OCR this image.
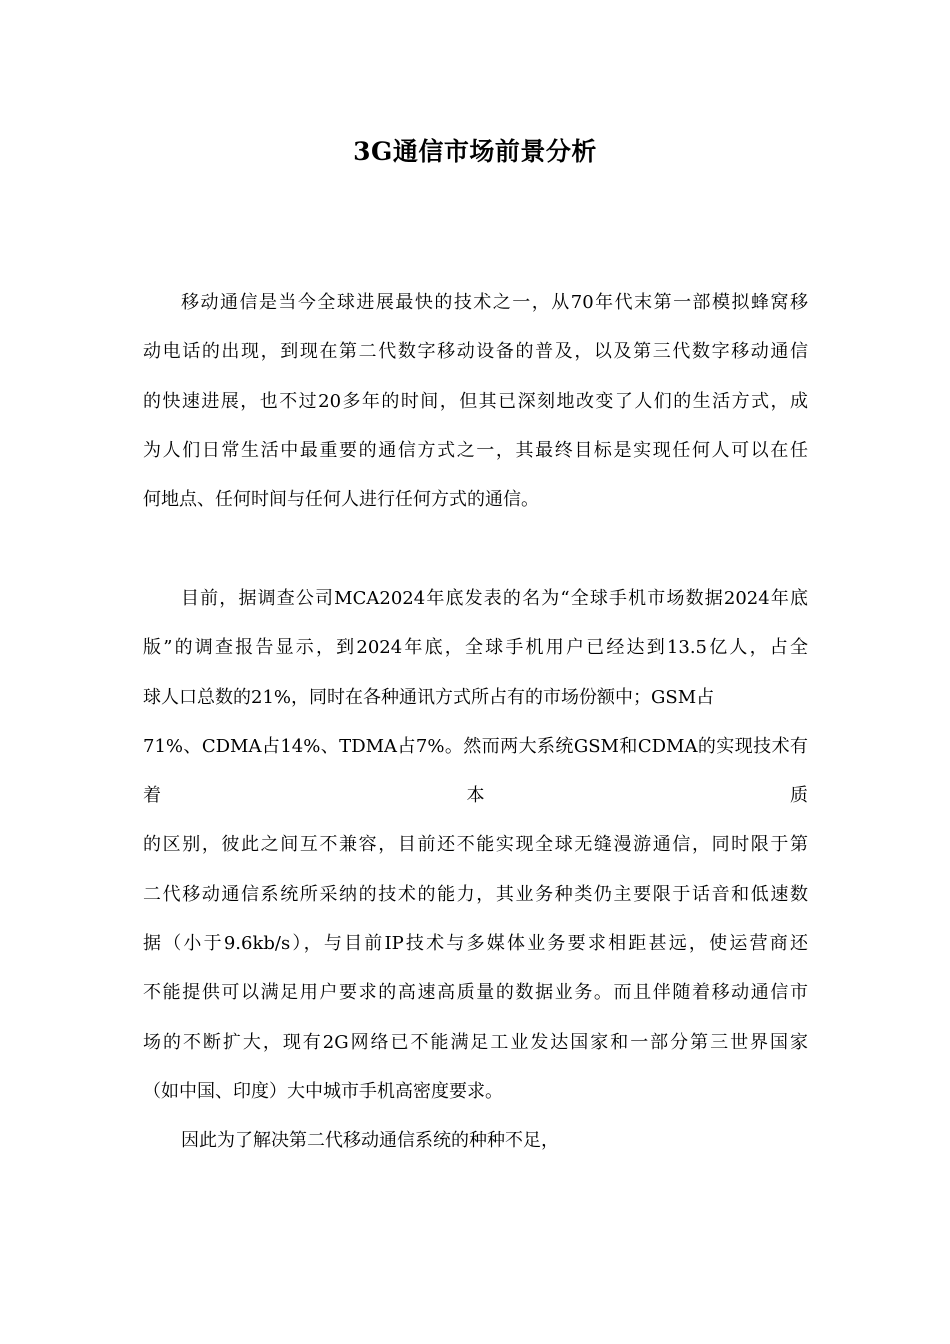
3G通信市场前景分析
移动通信是当今全球进展最快的技术之一，从70年代末第一部模拟蜂窝移
动电话的出现，到现在第二代数字移动设备的普及，以及第三代数字移动通信
的快速进展，也不过20多年的时间，但其已深刻地改变了人们的生活方式，成
为人们日常生活中最重要的通信方式之一，其最终目标是实现任何人可以在任
何地点、任何时间与任何人进行任何方式的通信。
目前，据调查公司MCA2024年底发表的名为“全球手机市场数据2024年底
版”的调查报告显示，到2024年底，全球手机用户已经达到13.5亿人，占全
球人口总数的21%，同时在各种通讯方式所占有的市场份额中；GSM占
71%、CDMA占14%、TDMA占7%。然而两大系统GSM和CDMA的实现技术有着本质
的区别，彼此之间互不兼容，目前还不能实现全球无缝漫游通信，同时限于第
二代移动通信系统所采纳的技术的能力，其业务种类仍主要限于话音和低速数
据（小于9.6kb/s），与目前IP技术与多媒体业务要求相距甚远，使运营商还
不能提供可以满足用户要求的高速高质量的数据业务。而且伴随着移动通信市
场的不断扩大，现有2G网络已不能满足工业发达国家和一部分第三世界国家
（如中国、印度）大中城市手机高密度要求。
因此为了解决第二代移动通信系统的种种不足，
